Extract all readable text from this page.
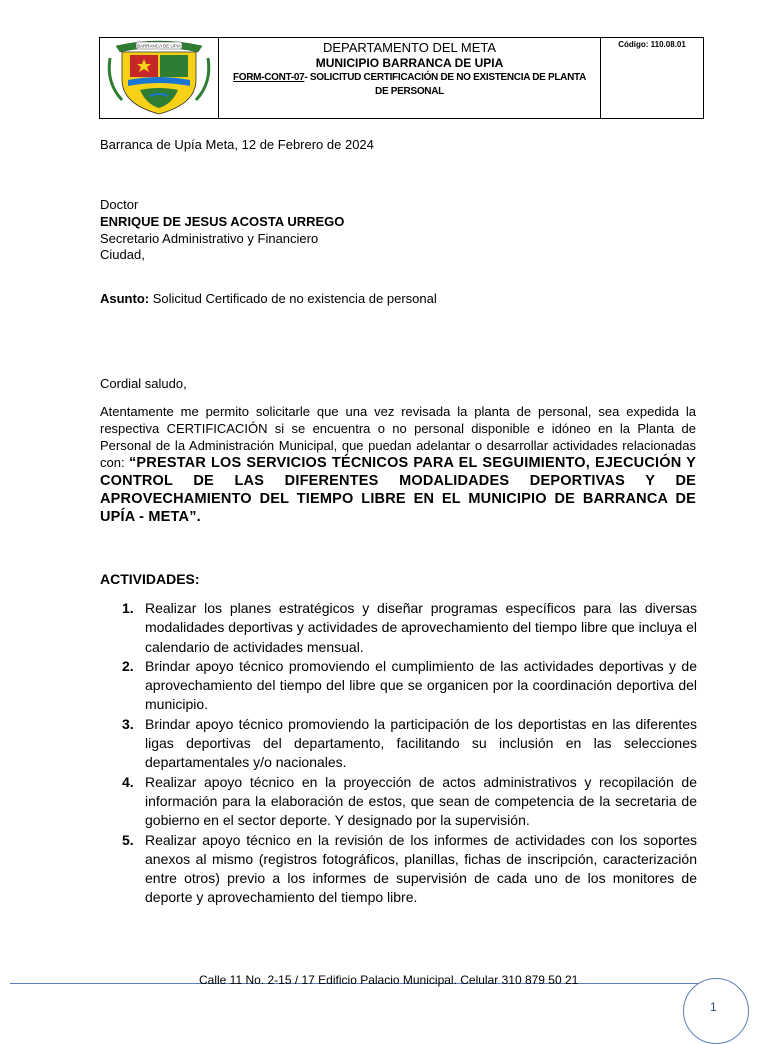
BARRANCA DE UPIA	DEPARTAMENTO DEL META
MUNICIPIO BARRANCA DE UPIA
FORM-CONT-07- SOLICITUD CERTIFICACIÓN DE NO EXISTENCIA DE PLANTA DE PERSONAL
Código: 110.08.01
Barranca de Upía Meta, 12 de Febrero de 2024
Doctor
ENRIQUE DE JESUS ACOSTA URREGO
Secretario Administrativo y Financiero
Ciudad,
Asunto: Solicitud Certificado de no existencia de personal
Cordial saludo,
Atentamente me permito solicitarle que una vez revisada la planta de personal, sea expedida la respectiva CERTIFICACIÓN si se encuentra o no personal disponible e idóneo en la Planta de Personal de la Administración Municipal, que puedan adelantar o desarrollar actividades relacionadas con: “PRESTAR LOS SERVICIOS TÉCNICOS PARA EL SEGUIMIENTO, EJECUCIÓN Y CONTROL DE LAS DIFERENTES MODALIDADES DEPORTIVAS Y DE APROVECHAMIENTO DEL TIEMPO LIBRE EN EL MUNICIPIO DE BARRANCA DE UPÍA - META”.
ACTIVIDADES:
1. Realizar los planes estratégicos y diseñar programas específicos para las diversas modalidades deportivas y actividades de aprovechamiento del tiempo libre que incluya el calendario de actividades mensual.
2. Brindar apoyo técnico promoviendo el cumplimiento de las actividades deportivas y de aprovechamiento del tiempo del libre que se organicen por la coordinación deportiva del municipio.
3. Brindar apoyo técnico promoviendo la participación de los deportistas en las diferentes ligas deportivas del departamento, facilitando su inclusión en las selecciones departamentales y/o nacionales.
4. Realizar apoyo técnico en la proyección de actos administrativos y recopilación de información para la elaboración de estos, que sean de competencia de la secretaria de gobierno en el sector deporte. Y designado por la supervisión.
5. Realizar apoyo técnico en la revisión de los informes de actividades con los soportes anexos al mismo (registros fotográficos, planillas, fichas de inscripción, caracterización entre otros) previo a los informes de supervisión de cada uno de los monitores de deporte y aprovechamiento del tiempo libre.
Calle 11 No. 2-15 / 17 Edificio Palacio Municipal. Celular 310 879 50 21
1
